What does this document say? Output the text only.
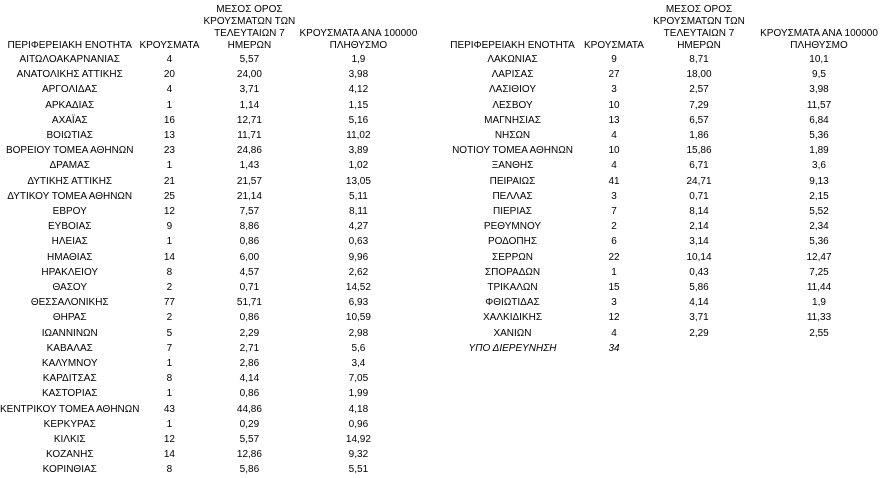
ΠΕΡΙΦΕΡΕΙΑΚΗ ΕΝΟΤΗΤΑ	ΚΡΟΥΣΜΑΤΑ	ΜΕΣΟΣ ΟΡΟΣ ΚΡΟΥΣΜΑΤΩΝ ΤΩΝ ΤΕΛΕΥΤΑΙΩΝ 7 ΗΜΕΡΩΝ	ΚΡΟΥΣΜΑΤΑ ΑΝΑ 100000 ΠΛΗΘΥΣΜΟ
ΑΙΤΩΛΟΑΚΑΡΝΑΝΙΑΣ	4	5,57	1,9
ΑΝΑΤΟΛΙΚΗΣ ΑΤΤΙΚΗΣ	20	24,00	3,98
ΑΡΓΟΛΙΔΑΣ	4	3,71	4,12
ΑΡΚΑΔΙΑΣ	1	1,14	1,15
ΑΧΑΪΑΣ	16	12,71	5,16
ΒΟΙΩΤΙΑΣ	13	11,71	11,02
ΒΟΡΕΙΟΥ ΤΟΜΕΑ ΑΘΗΝΩΝ	23	24,86	3,89
ΔΡΑΜΑΣ	1	1,43	1,02
ΔΥΤΙΚΗΣ ΑΤΤΙΚΗΣ	21	21,57	13,05
ΔΥΤΙΚΟΥ ΤΟΜΕΑ ΑΘΗΝΩΝ	25	21,14	5,11
ΕΒΡΟΥ	12	7,57	8,11
ΕΥΒΟΙΑΣ	9	8,86	4,27
ΗΛΕΙΑΣ	1	0,86	0,63
ΗΜΑΘΙΑΣ	14	6,00	9,96
ΗΡΑΚΛΕΙΟΥ	8	4,57	2,62
ΘΑΣΟΥ	2	0,71	14,52
ΘΕΣΣΑΛΟΝΙΚΗΣ	77	51,71	6,93
ΘΗΡΑΣ	2	0,86	10,59
ΙΩΑΝΝΙΝΩΝ	5	2,29	2,98
ΚΑΒΑΛΑΣ	7	2,71	5,6
ΚΑΛΥΜΝΟΥ	1	2,86	3,4
ΚΑΡΔΙΤΣΑΣ	8	4,14	7,05
ΚΑΣΤΟΡΙΑΣ	1	0,86	1,99
ΚΕΝΤΡΙΚΟΥ ΤΟΜΕΑ ΑΘΗΝΩΝ	43	44,86	4,18
ΚΕΡΚΥΡΑΣ	1	0,29	0,96
ΚΙΛΚΙΣ	12	5,57	14,92
ΚΟΖΑΝΗΣ	14	12,86	9,32
ΚΟΡΙΝΘΙΑΣ	8	5,86	5,51
ΠΕΡΙΦΕΡΕΙΑΚΗ ΕΝΟΤΗΤΑ	ΚΡΟΥΣΜΑΤΑ	ΜΕΣΟΣ ΟΡΟΣ ΚΡΟΥΣΜΑΤΩΝ ΤΩΝ ΤΕΛΕΥΤΑΙΩΝ 7 ΗΜΕΡΩΝ	ΚΡΟΥΣΜΑΤΑ ΑΝΑ 100000 ΠΛΗΘΥΣΜΟ
ΛΑΚΩΝΙΑΣ	9	8,71	10,1
ΛΑΡΙΣΑΣ	27	18,00	9,5
ΛΑΣΙΘΙΟΥ	3	2,57	3,98
ΛΕΣΒΟΥ	10	7,29	11,57
ΜΑΓΝΗΣΙΑΣ	13	6,57	6,84
ΝΗΣΩΝ	4	1,86	5,36
ΝΟΤΙΟΥ ΤΟΜΕΑ ΑΘΗΝΩΝ	10	15,86	1,89
ΞΑΝΘΗΣ	4	6,71	3,6
ΠΕΙΡΑΙΩΣ	41	24,71	9,13
ΠΕΛΛΑΣ	3	0,71	2,15
ΠΙΕΡΙΑΣ	7	8,14	5,52
ΡΕΘΥΜΝΟΥ	2	2,14	2,34
ΡΟΔΟΠΗΣ	6	3,14	5,36
ΣΕΡΡΩΝ	22	10,14	12,47
ΣΠΟΡΑΔΩΝ	1	0,43	7,25
ΤΡΙΚΑΛΩΝ	15	5,86	11,44
ΦΘΙΩΤΙΔΑΣ	3	4,14	1,9
ΧΑΛΚΙΔΙΚΗΣ	12	3,71	11,33
ΧΑΝΙΩΝ	4	2,29	2,55
ΥΠΟ ΔΙΕΡΕΥΝΗΣΗ	34		
